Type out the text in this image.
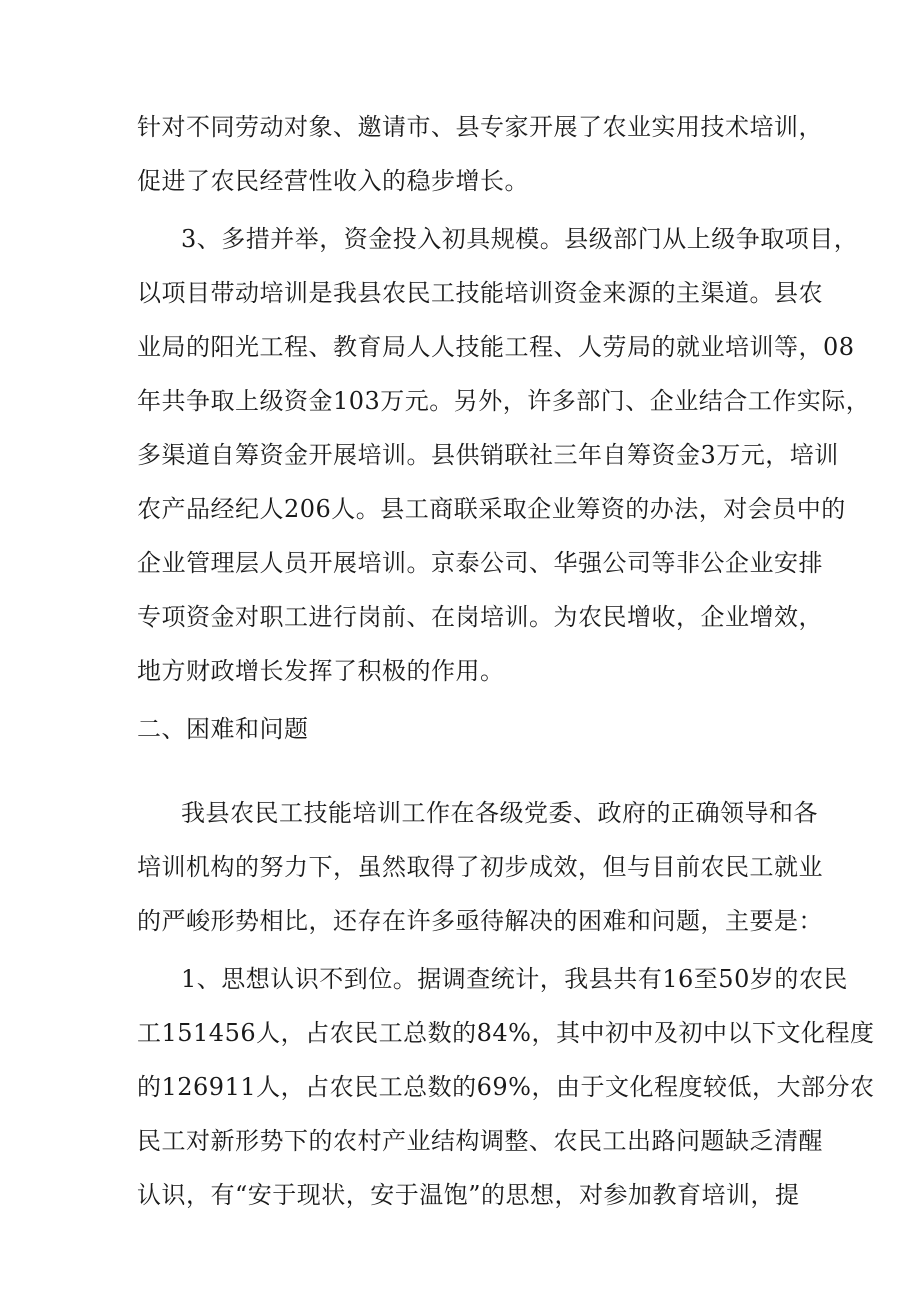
针对不同劳动对象、邀请市、县专家开展了农业实用技术培训，
促进了农民经营性收入的稳步增长。
3、多措并举，资金投入初具规模。县级部门从上级争取项目，
以项目带动培训是我县农民工技能培训资金来源的主渠道。县农
业局的阳光工程、教育局人人技能工程、人劳局的就业培训等，08
年共争取上级资金103万元。另外，许多部门、企业结合工作实际，
多渠道自筹资金开展培训。县供销联社三年自筹资金3万元，培训
农产品经纪人206人。县工商联采取企业筹资的办法，对会员中的
企业管理层人员开展培训。京泰公司、华强公司等非公企业安排
专项资金对职工进行岗前、在岗培训。为农民增收，企业增效，
地方财政增长发挥了积极的作用。
二、困难和问题
我县农民工技能培训工作在各级党委、政府的正确领导和各
培训机构的努力下，虽然取得了初步成效，但与目前农民工就业
的严峻形势相比，还存在许多亟待解决的困难和问题，主要是：
1、思想认识不到位。据调查统计，我县共有16至50岁的农民
工151456人，占农民工总数的84%，其中初中及初中以下文化程度
的126911人，占农民工总数的69%，由于文化程度较低，大部分农
民工对新形势下的农村产业结构调整、农民工出路问题缺乏清醒
认识，有“安于现状，安于温饱”的思想，对参加教育培训，提
